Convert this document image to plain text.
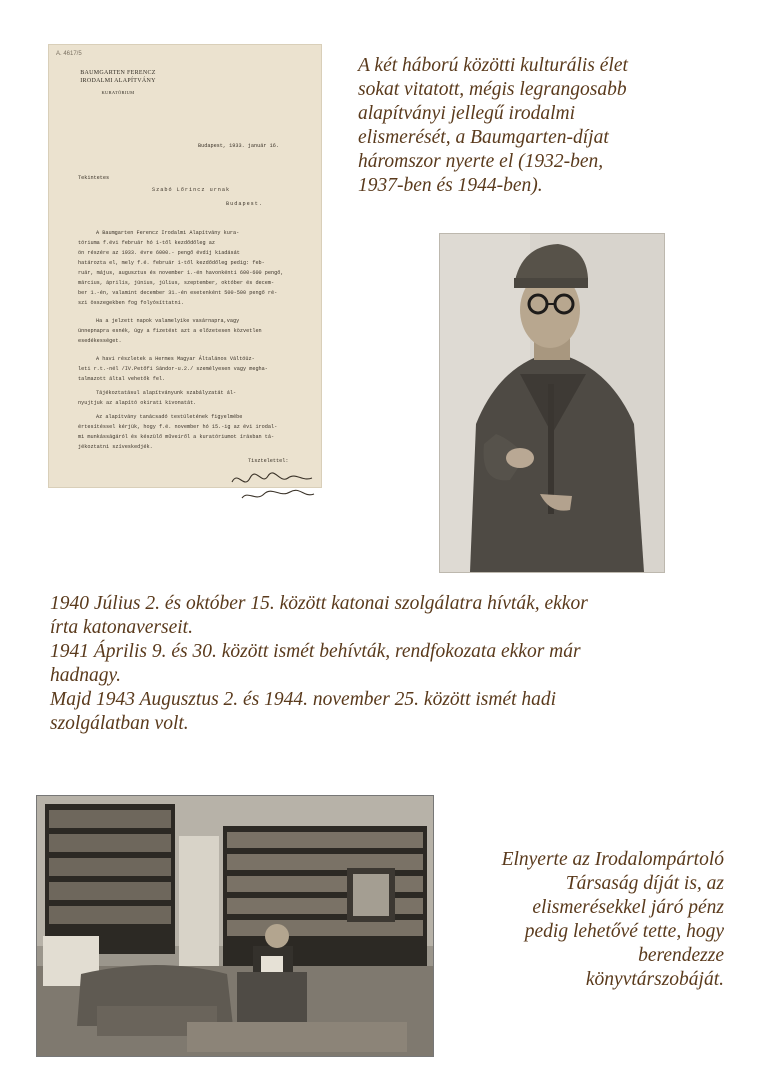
A két háború közötti kulturális élet
sokat vitatott, mégis legrangosabb
alapítványi jellegű irodalmi
elismerését, a Baumgarten-díjat
háromszor nyerte el (1932-ben,
1937-ben és 1944-ben).
A. 4617/5
BAUMGARTEN FERENCZ
IRODALMI ALAPÍTVÁNY
KURATÓRIUM
Budapest, 1933. január 16.
Tekintetes
Szabó Lőrincz urnak
Budapest.
A Baumgarten Ferencz Irodalmi Alapítvány kura-
tóriuma f.évi február hó 1-től kezdődőleg az
ön részére az 1933. évre 6000.- pengő évdíj kiadását
határozta el, mely f.é. február 1-től kezdődőleg pedig: feb-
ruár, május, augusztus és november 1.-én havonkénti 600-600 pengő,
március, április, június, július, szeptember, október és decem-
ber 1.-én, valamint december 31.-én esetenként 500-500 pengő ré-
szi összegekben fog folyósíttatni.
Ha a jelzett napok valamelyike vasárnapra,vagy
ünnepnapra esnék, úgy a fizetést azt a előzetesen közvetlen
esedékességet.
A havi részletek a Hermes Magyar Általános Váltóüz-
leti r.t.-nél /IV.Petőfi Sándor-u.2./ személyesen vagy megha-
talmazott által vehetők fel.
Tájékoztatásul alapítványunk szabályzatát ál-
nyujtjuk az alapító okirati kivonatát.
Az alapítvány tanácsadó testületének figyelmébe
értesítéssel kérjük, hogy f.é. november hó 15.-ig az évi irodal-
mi munkásságáról és készülő műveiről a kuratóriumot írásban tá-
jékoztatni szíveskedjék.
Tisztelettel:
1940 Július 2. és október 15. között katonai szolgálatra hívták, ekkor
írta katonaverseit.
1941 Április 9. és 30. között ismét behívták, rendfokozata ekkor már
hadnagy.
Majd 1943 Augusztus 2. és 1944. november 25. között ismét hadi
szolgálatban volt.
Elnyerte az Irodalompártoló
Társaság díját is, az
elismerésekkel járó pénz
pedig lehetővé tette, hogy
berendezze
könyvtárszobáját.
